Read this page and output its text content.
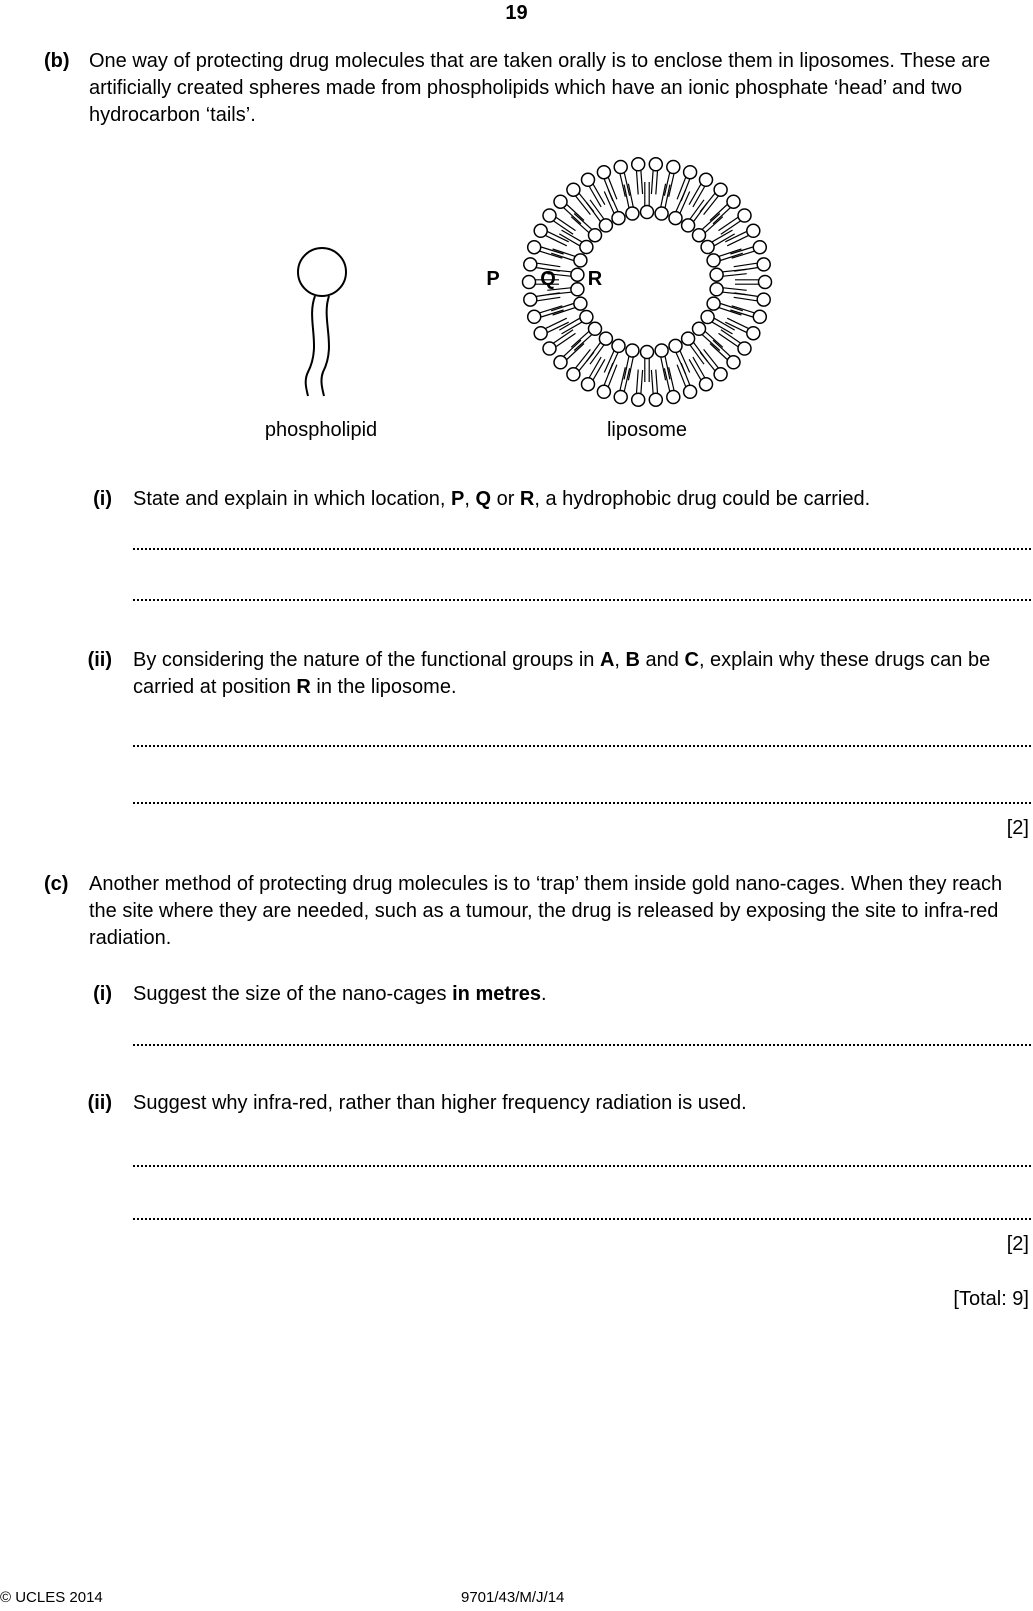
19
(b) One way of protecting drug molecules that are taken orally is to enclose them in liposomes. These are artificially created spheres made from phospholipids which have an ionic phosphate ‘head’ and two hydrocarbon ‘tails’.
P Q R
phospholipid	liposome
(i) State and explain in which location, P, Q or R, a hydrophobic drug could be carried.
(ii) By considering the nature of the functional groups in A, B and C, explain why these drugs can be carried at position R in the liposome.
[2]
(c) Another method of protecting drug molecules is to ‘trap’ them inside gold nano-cages. When they reach the site where they are needed, such as a tumour, the drug is released by exposing the site to infra-red radiation.
(i) Suggest the size of the nano-cages in metres.
(ii) Suggest why infra-red, rather than higher frequency radiation is used.
[2]
[Total: 9]
© UCLES 2014	9701/43/M/J/14
